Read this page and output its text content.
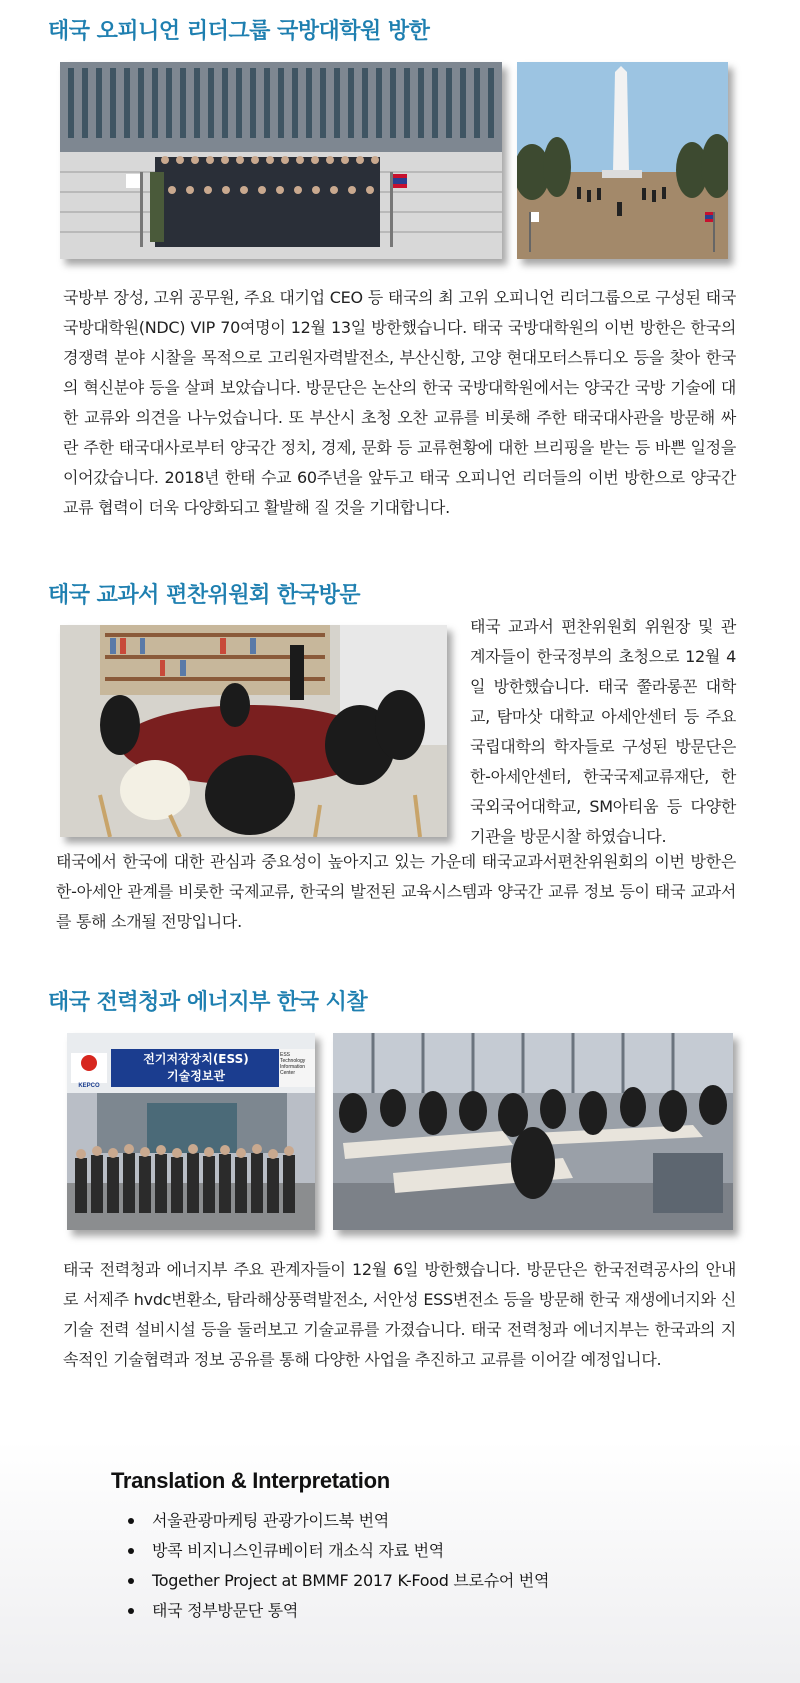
태국 오피니언 리더그룹 국방대학원 방한

국방부 장성, 고위 공무원, 주요 대기업 CEO 등 태국의 최 고위 오피니언 리더그룹으로 구성된 태국 국방대학원(NDC) VIP 70여명이 12월 13일 방한했습니다. 태국 국방대학원의 이번 방한은 한국의 경쟁력 분야 시찰을 목적으로 고리원자력발전소, 부산신항, 고양 현대모터스튜디오 등을 찾아 한국의 혁신분야 등을 살펴 보았습니다. 방문단은 논산의 한국 국방대학원에서는 양국간 국방 기술에 대한 교류와 의견을 나누었습니다. 또 부산시 초청 오찬 교류를 비롯해 주한 태국대사관을 방문해 싸란 주한 태국대사로부터 양국간 정치, 경제, 문화 등 교류현황에 대한 브리핑을 받는 등 바쁜 일정을 이어갔습니다. 2018년 한태 수교 60주년을 앞두고 태국 오피니언 리더들의 이번 방한으로 양국간 교류 협력이 더욱 다양화되고 활발해 질 것을 기대합니다.

태국 교과서 편찬위원회 한국방문

태국 교과서 편찬위원회 위원장 및 관계자들이 한국정부의 초청으로 12월 4일 방한했습니다. 태국 쭐라롱꼰 대학교, 탐마삿 대학교 아세안센터 등 주요 국립대학의 학자들로 구성된 방문단은 한-아세안센터, 한국국제교류재단, 한국외국어대학교, SM아티움 등 다양한 기관을 방문시찰 하였습니다.

태국에서 한국에 대한 관심과 중요성이 높아지고 있는 가운데 태국교과서편찬위원회의 이번 방한은 한-아세안 관계를 비롯한 국제교류, 한국의 발전된 교육시스템과 양국간 교류 정보 등이 태국 교과서를 통해 소개될 전망입니다.

태국 전력청과 에너지부 한국 시찰
KEPCO
전기저장장치(ESS)
기술정보관
ESS Technology Information Center

태국 전력청과 에너지부 주요 관계자들이 12월 6일 방한했습니다. 방문단은 한국전력공사의 안내로 서제주 hvdc변환소, 탐라해상풍력발전소, 서안성 ESS변전소 등을 방문해 한국 재생에너지와 신기술 전력 설비시설 등을 둘러보고 기술교류를 가졌습니다. 태국 전력청과 에너지부는 한국과의 지속적인 기술협력과 정보 공유를 통해 다양한 사업을 추진하고 교류를 이어갈 예정입니다.

Translation & Interpretation
서울관광마케팅 관광가이드북 번역
방콕 비지니스인큐베이터 개소식 자료 번역
Together Project at BMMF 2017 K-Food 브로슈어 번역
태국 정부방문단 통역
